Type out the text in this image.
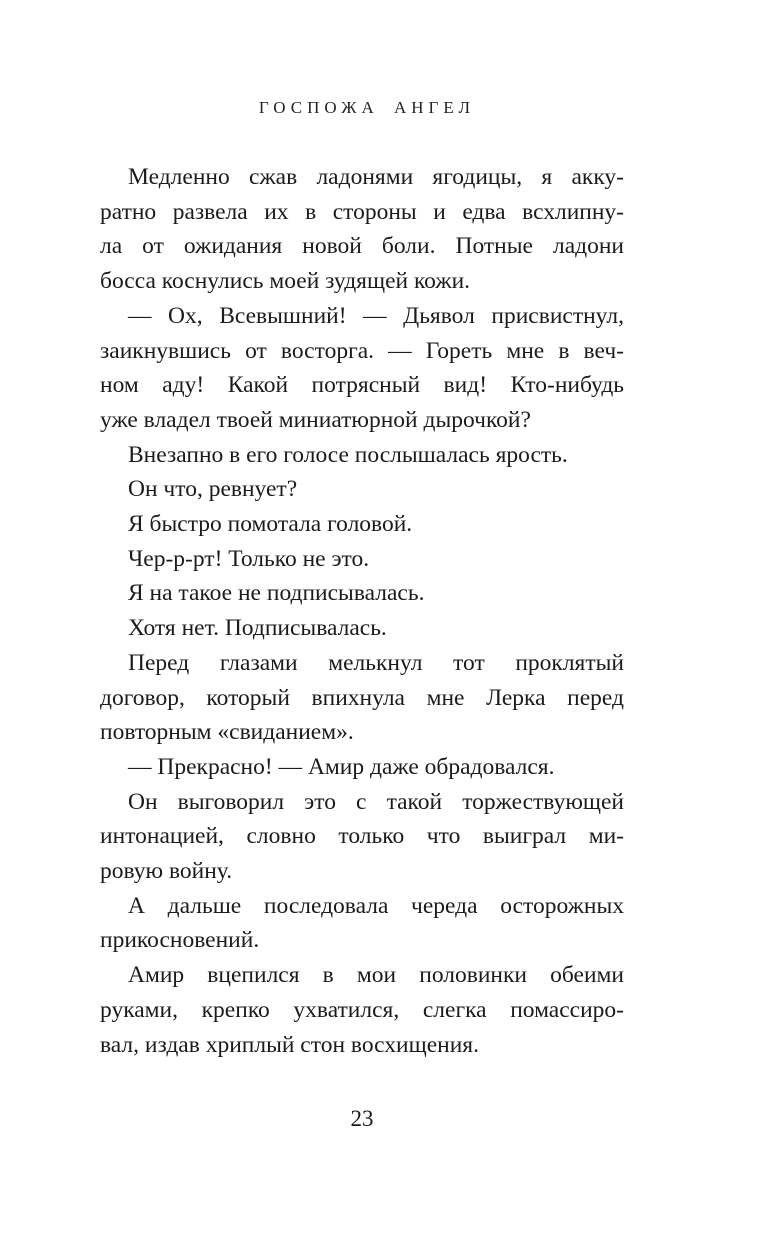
ГОСПОЖА АНГЕЛ
Медленно сжав ладонями ягодицы, я акку-
ратно развела их в стороны и едва всхлипну-
ла от ожидания новой боли. Потные ладони
босса коснулись моей зудящей кожи.
— Ох, Всевышний! — Дьявол присвистнул,
заикнувшись от восторга. — Гореть мне в веч-
ном аду! Какой потрясный вид! Кто-нибудь
уже владел твоей миниатюрной дырочкой?
Внезапно в его голосе послышалась ярость.
Он что, ревнует?
Я быстро помотала головой.
Чер-р-рт! Только не это.
Я на такое не подписывалась.
Хотя нет. Подписывалась.
Перед глазами мелькнул тот проклятый
договор, который впихнула мне Лерка перед
повторным «свиданием».
— Прекрасно! — Амир даже обрадовался.
Он выговорил это с такой торжествующей
интонацией, словно только что выиграл ми-
ровую войну.
А дальше последовала череда осторожных
прикосновений.
Амир вцепился в мои половинки обеими
руками, крепко ухватился, слегка помассиро-
вал, издав хриплый стон восхищения.
23
